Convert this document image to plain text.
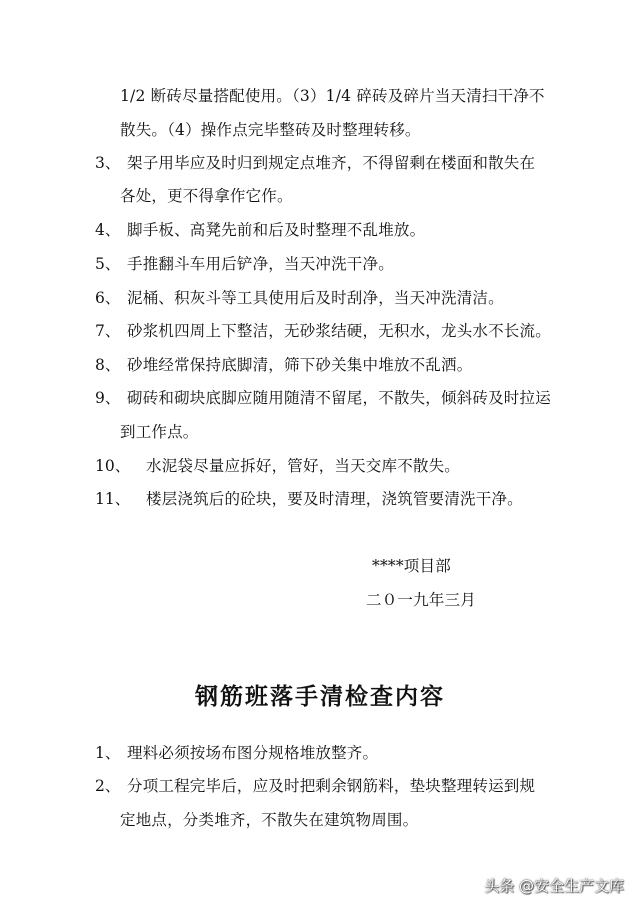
1/2 断砖尽量搭配使用。（3）1/4 碎砖及碎片当天清扫干净不
散失。（4）操作点完毕整砖及时整理转移。
3、 架子用毕应及时归到规定点堆齐，不得留剩在楼面和散失在
各处，更不得拿作它作。
4、 脚手板、高凳先前和后及时整理不乱堆放。
5、 手推翻斗车用后铲净，当天冲洗干净。
6、 泥桶、积灰斗等工具使用后及时刮净，当天冲洗清洁。
7、 砂浆机四周上下整洁，无砂浆结硬，无积水，龙头水不长流。
8、 砂堆经常保持底脚清，筛下砂关集中堆放不乱洒。
9、 砌砖和砌块底脚应随用随清不留尾，不散失，倾斜砖及时拉运
到工作点。
10、 水泥袋尽量应拆好，管好，当天交库不散失。
11、 楼层浇筑后的砼块，要及时清理，浇筑管要清洗干净。
****项目部
二０一九年三月
钢筋班落手清检查内容
1、 理料必须按场布图分规格堆放整齐。
2、 分项工程完毕后，应及时把剩余钢筋料，垫块整理转运到规
定地点，分类堆齐，不散失在建筑物周围。
头条 @安全生产文库
